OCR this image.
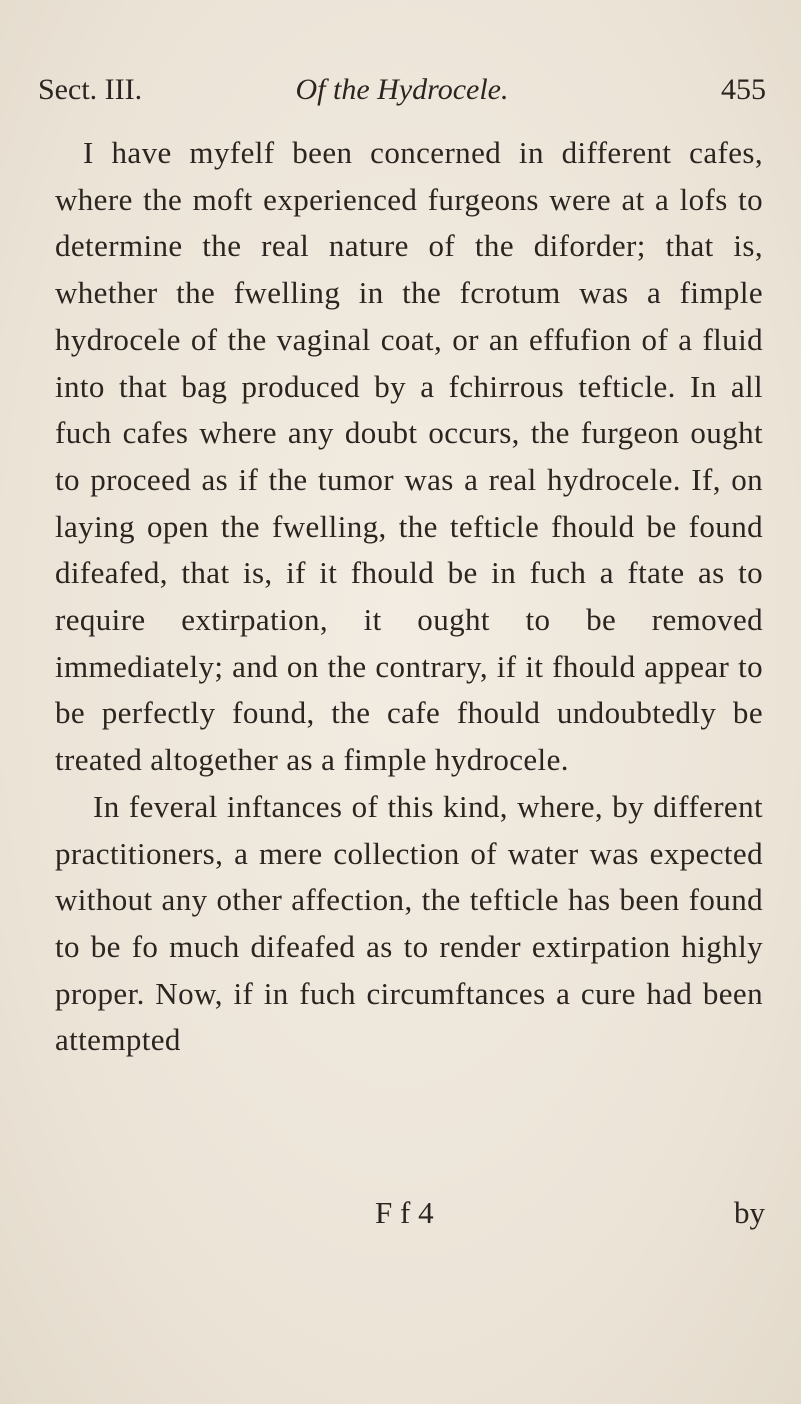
Sect. III.	Of the Hydrocele.	455

I have myfelf been concerned in different cafes, where the moft experienced furgeons were at a lofs to determine the real nature of the diforder; that is, whether the fwelling in the fcrotum was a fimple hydrocele of the vaginal coat, or an effufion of a fluid into that bag produced by a fchirrous tefticle. In all fuch cafes where any doubt occurs, the furgeon ought to proceed as if the tumor was a real hydrocele. If, on laying open the fwelling, the tefticle fhould be found difeafed, that is, if it fhould be in fuch a ftate as to require extirpation, it ought to be removed immediately; and on the contrary, if it fhould appear to be perfectly found, the cafe fhould undoubtedly be treated altogether as a fimple hydrocele.

In feveral inftances of this kind, where, by different practitioners, a mere collection of water was expected without any other affection, the tefticle has been found to be fo much difeafed as to render extirpation highly proper. Now, if in fuch circumftances a cure had been attempted

F f 4	by
